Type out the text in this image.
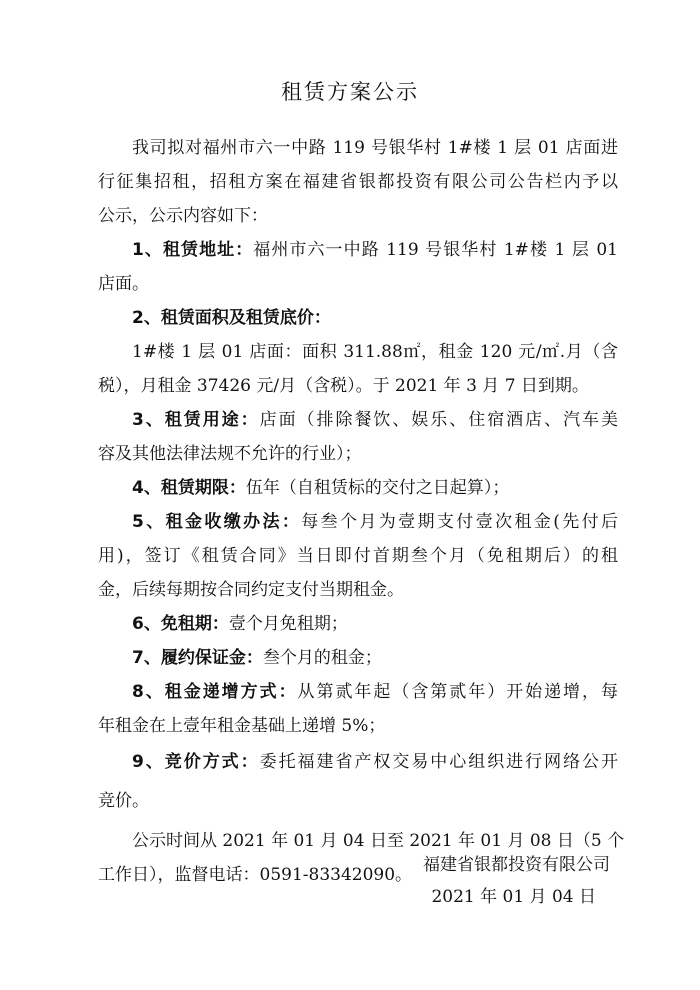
租赁方案公示
我司拟对福州市六一中路 119 号银华村 1#楼 1 层 01 店面进
行征集招租，招租方案在福建省银都投资有限公司公告栏内予以
公示，公示内容如下：
1、租赁地址：福州市六一中路 119 号银华村 1#楼 1 层 01
店面。
2、租赁面积及租赁底价：
1#楼 1 层 01 店面：面积 311.88㎡，租金 120 元/㎡.月（含
税），月租金 37426 元/月（含税）。于 2021 年 3 月 7 日到期。
3、租赁用途：店面（排除餐饮、娱乐、住宿酒店、汽车美
容及其他法律法规不允许的行业）；
4、租赁期限：伍年（自租赁标的交付之日起算）；
5、租金收缴办法：每叁个月为壹期支付壹次租金(先付后
用)，签订《租赁合同》当日即付首期叁个月（免租期后）的租
金，后续每期按合同约定支付当期租金。
6、免租期：壹个月免租期；
7、履约保证金：叁个月的租金；
8、租金递增方式：从第贰年起（含第贰年）开始递增，每
年租金在上壹年租金基础上递增 5%；
9、竞价方式：委托福建省产权交易中心组织进行网络公开
竞价。
公示时间从 2021 年 01 月 04 日至 2021 年 01 月 08 日（5 个
工作日），监督电话：0591-83342090。 福建省银都投资有限公司
2021 年 01 月 04 日
